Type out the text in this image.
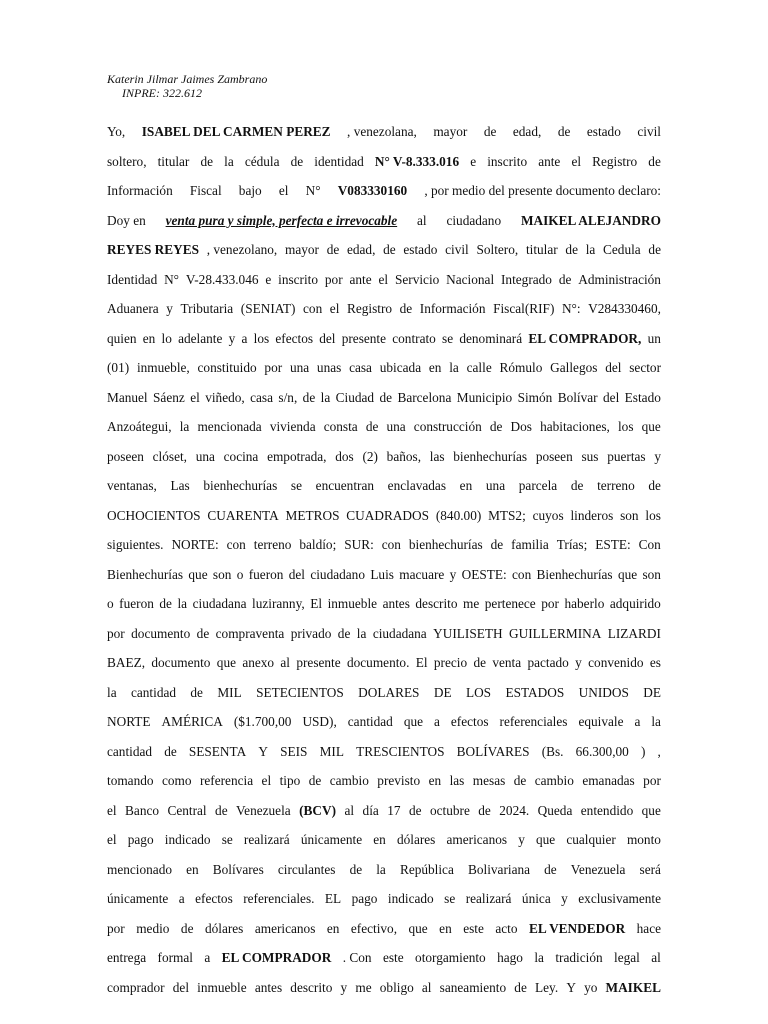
Katerin Jilmar Jaimes Zambrano
INPRE: 322.612
Yo, ISABEL DEL CARMEN PEREZ , venezolana, mayor de edad, de estado civil
soltero, titular de la cédula de identidad N° V-8.333.016 e inscrito ante el Registro de
Información Fiscal bajo el N° V083330160 , por medio del presente documento declaro:
Doy en venta pura y simple, perfecta e irrevocable al ciudadano MAIKEL ALEJANDRO
REYES REYES , venezolano, mayor de edad, de estado civil Soltero, titular de la Cedula de
Identidad N° V-28.433.046 e inscrito por ante el Servicio Nacional Integrado de Administración
Aduanera y Tributaria (SENIAT) con el Registro de Información Fiscal(RIF) N°: V284330460,
quien en lo adelante y a los efectos del presente contrato se denominará EL COMPRADOR, un
(01) inmueble, constituido por una unas casa ubicada en la calle Rómulo Gallegos del sector
Manuel Sáenz el viñedo, casa s/n, de la Ciudad de Barcelona Municipio Simón Bolívar del Estado
Anzoátegui, la mencionada vivienda consta de una construcción de Dos habitaciones, los que
poseen clóset, una cocina empotrada, dos (2) baños, las bienhechurías poseen sus puertas y
ventanas, Las bienhechurías se encuentran enclavadas en una parcela de terreno de
OCHOCIENTOS CUARENTA METROS CUADRADOS (840.00) MTS2; cuyos linderos son los
siguientes. NORTE: con terreno baldío; SUR: con bienhechurías de familia Trías; ESTE: Con
Bienhechurías que son o fueron del ciudadano Luis macuare y OESTE: con Bienhechurías que son
o fueron de la ciudadana luziranny, El inmueble antes descrito me pertenece por haberlo adquirido
por documento de compraventa privado de la ciudadana YUILISETH GUILLERMINA LIZARDI
BAEZ, documento que anexo al presente documento. El precio de venta pactado y convenido es
la cantidad de MIL SETECIENTOS DOLARES DE LOS ESTADOS UNIDOS DE
NORTE AMÉRICA ($1.700,00 USD), cantidad que a efectos referenciales equivale a la
cantidad de SESENTA Y SEIS MIL TRESCIENTOS BOLÍVARES (Bs. 66.300,00 ) ,
tomando como referencia el tipo de cambio previsto en las mesas de cambio emanadas por
el Banco Central de Venezuela (BCV) al día 17 de octubre de 2024. Queda entendido que
el pago indicado se realizará únicamente en dólares americanos y que cualquier monto
mencionado en Bolívares circulantes de la República Bolivariana de Venezuela será
únicamente a efectos referenciales. EL pago indicado se realizará única y exclusivamente
por medio de dólares americanos en efectivo, que en este acto EL VENDEDOR hace
entrega formal a EL COMPRADOR . Con este otorgamiento hago la tradición legal al
comprador del inmueble antes descrito y me obligo al saneamiento de Ley. Y yo MAIKEL
